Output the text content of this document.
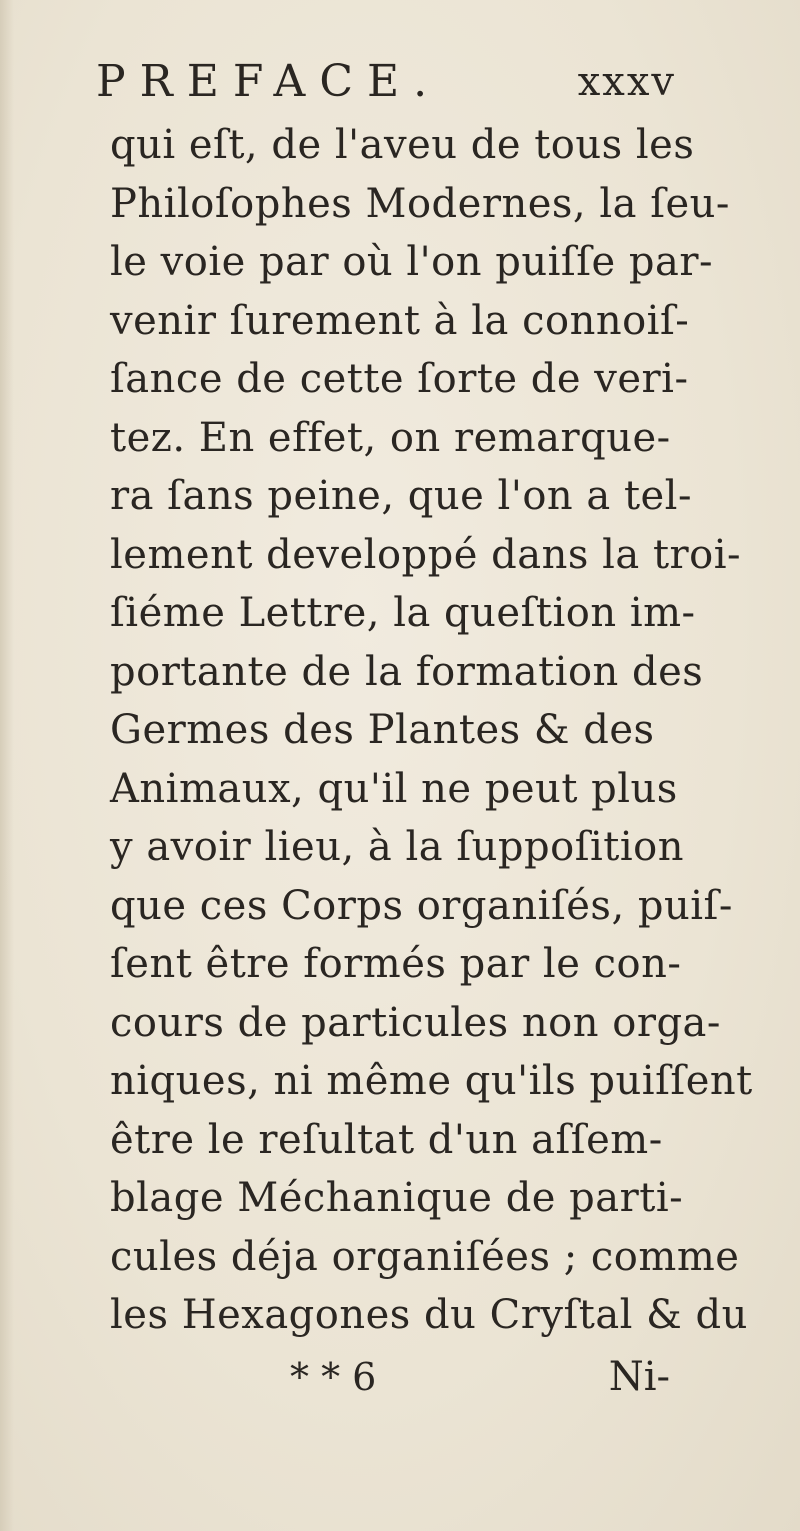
PREFACE.	xxxv
qui eſt, de l'aveu de tous les
Philoſophes Modernes, la ſeu-
le voie par où l'on puiſſe par-
venir ſurement à la connoiſ-
ſance de cette ſorte de veri-
tez. En effet, on remarque-
ra ſans peine, que l'on a tel-
lement developpé dans la troi-
ſiéme Lettre, la queſtion im-
portante de la formation des
Germes des Plantes & des
Animaux, qu'il ne peut plus
y avoir lieu, à la ſuppoſition
que ces Corps organiſés, puiſ-
ſent être formés par le con-
cours de particules non orga-
niques, ni même qu'ils puiſſent
être le reſultat d'un aſſem-
blage Méchanique de parti-
cules déja organiſées ; comme
les Hexagones du Cryſtal & du
* * 6	Ni-
